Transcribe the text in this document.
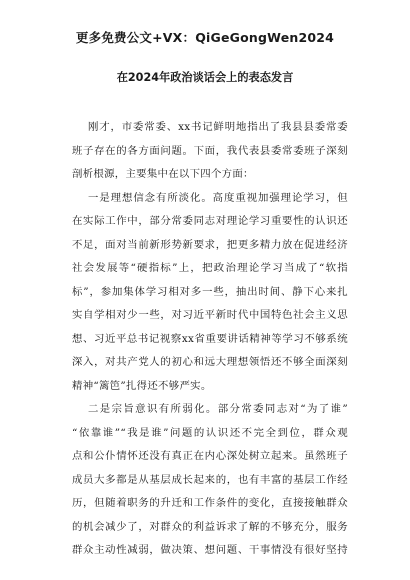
更多免费公文+VX：QiGeGongWen2024
在2024年政治谈话会上的表态发言
刚才，市委常委、xx书记鲜明地指出了我县县委常委
班子存在的各方面问题。下面，我代表县委常委班子深刻
剖析根源，主要集中在以下四个方面：
一是理想信念有所淡化。高度重视加强理论学习，但
在实际工作中，部分常委同志对理论学习重要性的认识还
不足，面对当前新形势新要求，把更多精力放在促进经济
社会发展等“硬指标”上，把政治理论学习当成了“软指
标”，参加集体学习相对多一些，抽出时间、静下心来扎
实自学相对少一些，对习近平新时代中国特色社会主义思
想、习近平总书记视察xx省重要讲话精神等学习不够系统
深入，对共产党人的初心和远大理想领悟还不够全面深刻
精神“篱笆”扎得还不够严实。
二是宗旨意识有所弱化。部分常委同志对“为了谁”
“依靠谁”“我是谁”问题的认识还不完全到位，群众观
点和公仆情怀还没有真正在内心深处树立起来。虽然班子
成员大多都是从基层成长起来的，也有丰富的基层工作经
历，但随着职务的升迁和工作条件的变化，直接接触群众
的机会减少了，对群众的利益诉求了解的不够充分，服务
群众主动性减弱，做决策、想问题、干事情没有很好坚持
